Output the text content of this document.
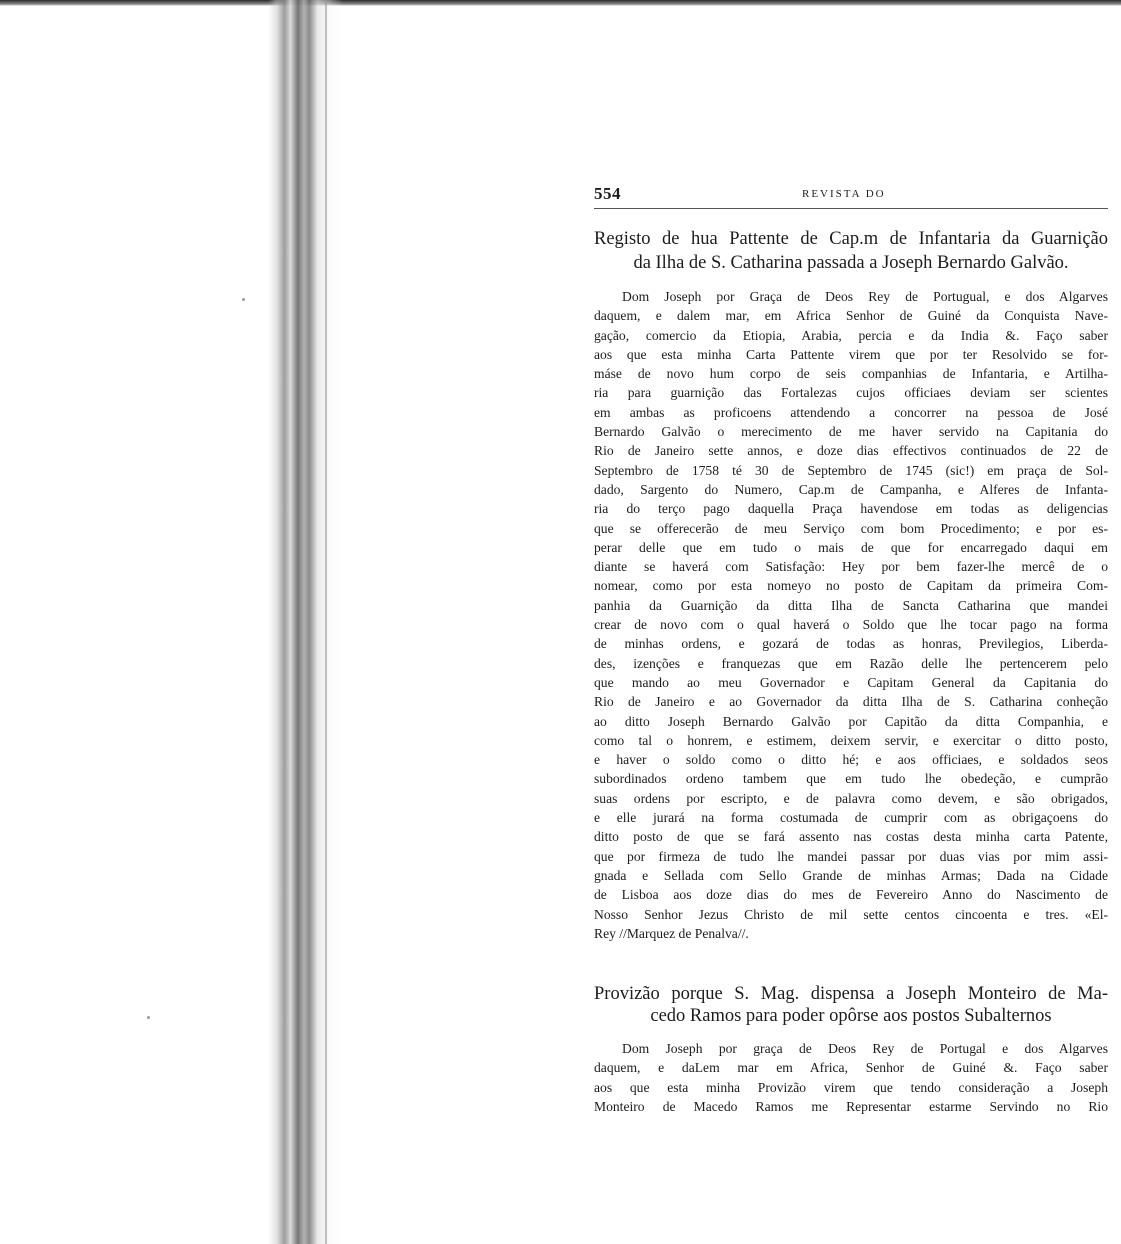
554	REVISTA DO
Registo de hua Pattente de Cap.m de Infantaria da Guarnição
da Ilha de S. Catharina passada a Joseph Bernardo Galvão.

Dom Joseph por Graça de Deos Rey de Portugual, e dos Algarves
daquem, e dalem mar, em Africa Senhor de Guiné da Conquista Nave-
gação, comercio da Etiopia, Arabia, percia e da India &. Faço saber
aos que esta minha Carta Pattente virem que por ter Resolvido se for-
máse de novo hum corpo de seis companhias de Infantaria, e Artilha-
ria para guarnição das Fortalezas cujos officiaes deviam ser scientes
em ambas as proficoens attendendo a concorrer na pessoa de José
Bernardo Galvão o merecimento de me haver servido na Capitania do
Rio de Janeiro sette annos, e doze dias effectivos continuados de 22 de
Septembro de 1758 té 30 de Septembro de 1745 (sic!) em praça de Sol-
dado, Sargento do Numero, Cap.m de Campanha, e Alferes de Infanta-
ria do terço pago daquella Praça havendose em todas as deligencias
que se offerecerão de meu Serviço com bom Procedimento; e por es-
perar delle que em tudo o mais de que for encarregado daqui em
diante se haverá com Satisfação: Hey por bem fazer-lhe mercê de o
nomear, como por esta nomeyo no posto de Capitam da primeira Com-
panhia da Guarnição da ditta Ilha de Sancta Catharina que mandei
crear de novo com o qual haverá o Soldo que lhe tocar pago na forma
de minhas ordens, e gozará de todas as honras, Previlegios, Liberda-
des, izenções e franquezas que em Razão delle lhe pertencerem pelo
que mando ao meu Governador e Capitam General da Capitania do
Rio de Janeiro e ao Governador da ditta Ilha de S. Catharina conheção
ao ditto Joseph Bernardo Galvão por Capitão da ditta Companhia, e
como tal o honrem, e estimem, deixem servir, e exercitar o ditto posto,
e haver o soldo como o ditto hé; e aos officiaes, e soldados seos
subordinados ordeno tambem que em tudo lhe obedeção, e cumprão
suas ordens por escripto, e de palavra como devem, e são obrigados,
e elle jurará na forma costumada de cumprir com as obrigaçoens do
ditto posto de que se fará assento nas costas desta minha carta Patente,
que por firmeza de tudo lhe mandei passar por duas vias por mim assi-
gnada e Sellada com Sello Grande de minhas Armas; Dada na Cidade
de Lisboa aos doze dias do mes de Fevereiro Anno do Nascimento de
Nosso Senhor Jezus Christo de mil sette centos cincoenta e tres. «El-
Rey //Marquez de Penalva//.

Provizão porque S. Mag. dispensa a Joseph Monteiro de Ma-
cedo Ramos para poder opôrse aos postos Subalternos

Dom Joseph por graça de Deos Rey de Portugal e dos Algarves
daquem, e daLem mar em Africa, Senhor de Guiné &. Faço saber
aos que esta minha Provizão virem que tendo consideração a Joseph
Monteiro de Macedo Ramos me Representar estarme Servindo no Rio
